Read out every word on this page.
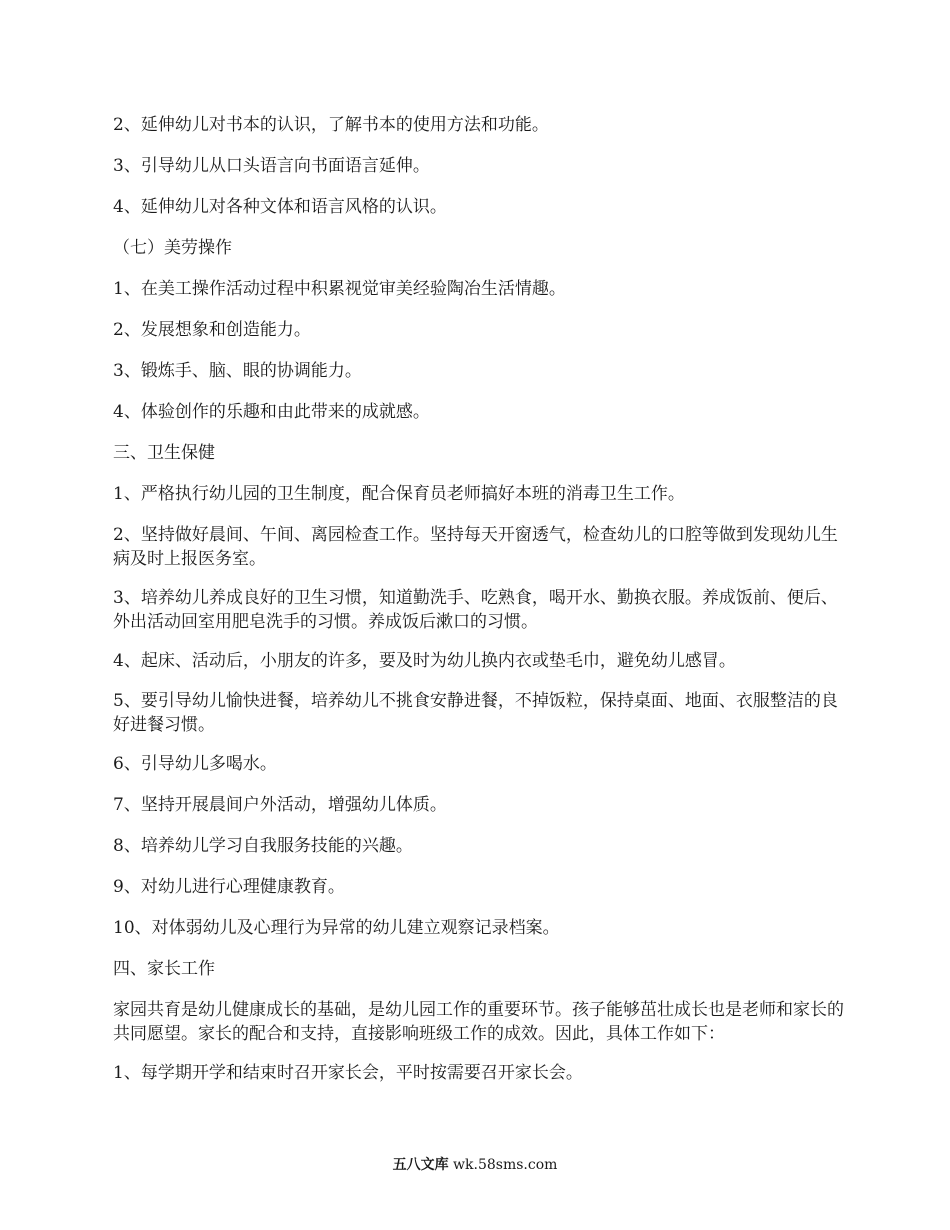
2、延伸幼儿对书本的认识，了解书本的使用方法和功能。

3、引导幼儿从口头语言向书面语言延伸。

4、延伸幼儿对各种文体和语言风格的认识。

（七）美劳操作

1、在美工操作活动过程中积累视觉审美经验陶冶生活情趣。

2、发展想象和创造能力。

3、锻炼手、脑、眼的协调能力。

4、体验创作的乐趣和由此带来的成就感。

三、卫生保健

1、严格执行幼儿园的卫生制度，配合保育员老师搞好本班的消毒卫生工作。

2、坚持做好晨间、午间、离园检查工作。坚持每天开窗透气，检查幼儿的口腔等做到发现幼儿生病及时上报医务室。

3、培养幼儿养成良好的卫生习惯，知道勤洗手、吃熟食，喝开水、勤换衣服。养成饭前、便后、外出活动回室用肥皂洗手的习惯。养成饭后漱口的习惯。

4、起床、活动后，小朋友的许多，要及时为幼儿换内衣或垫毛巾，避免幼儿感冒。

5、要引导幼儿愉快进餐，培养幼儿不挑食安静进餐，不掉饭粒，保持桌面、地面、衣服整洁的良好进餐习惯。

6、引导幼儿多喝水。

7、坚持开展晨间户外活动，增强幼儿体质。

8、培养幼儿学习自我服务技能的兴趣。

9、对幼儿进行心理健康教育。

10、对体弱幼儿及心理行为异常的幼儿建立观察记录档案。

四、家长工作

家园共育是幼儿健康成长的基础，是幼儿园工作的重要环节。孩子能够茁壮成长也是老师和家长的共同愿望。家长的配合和支持，直接影响班级工作的成效。因此，具体工作如下：

1、每学期开学和结束时召开家长会，平时按需要召开家长会。

五八文库 wk.58sms.com
